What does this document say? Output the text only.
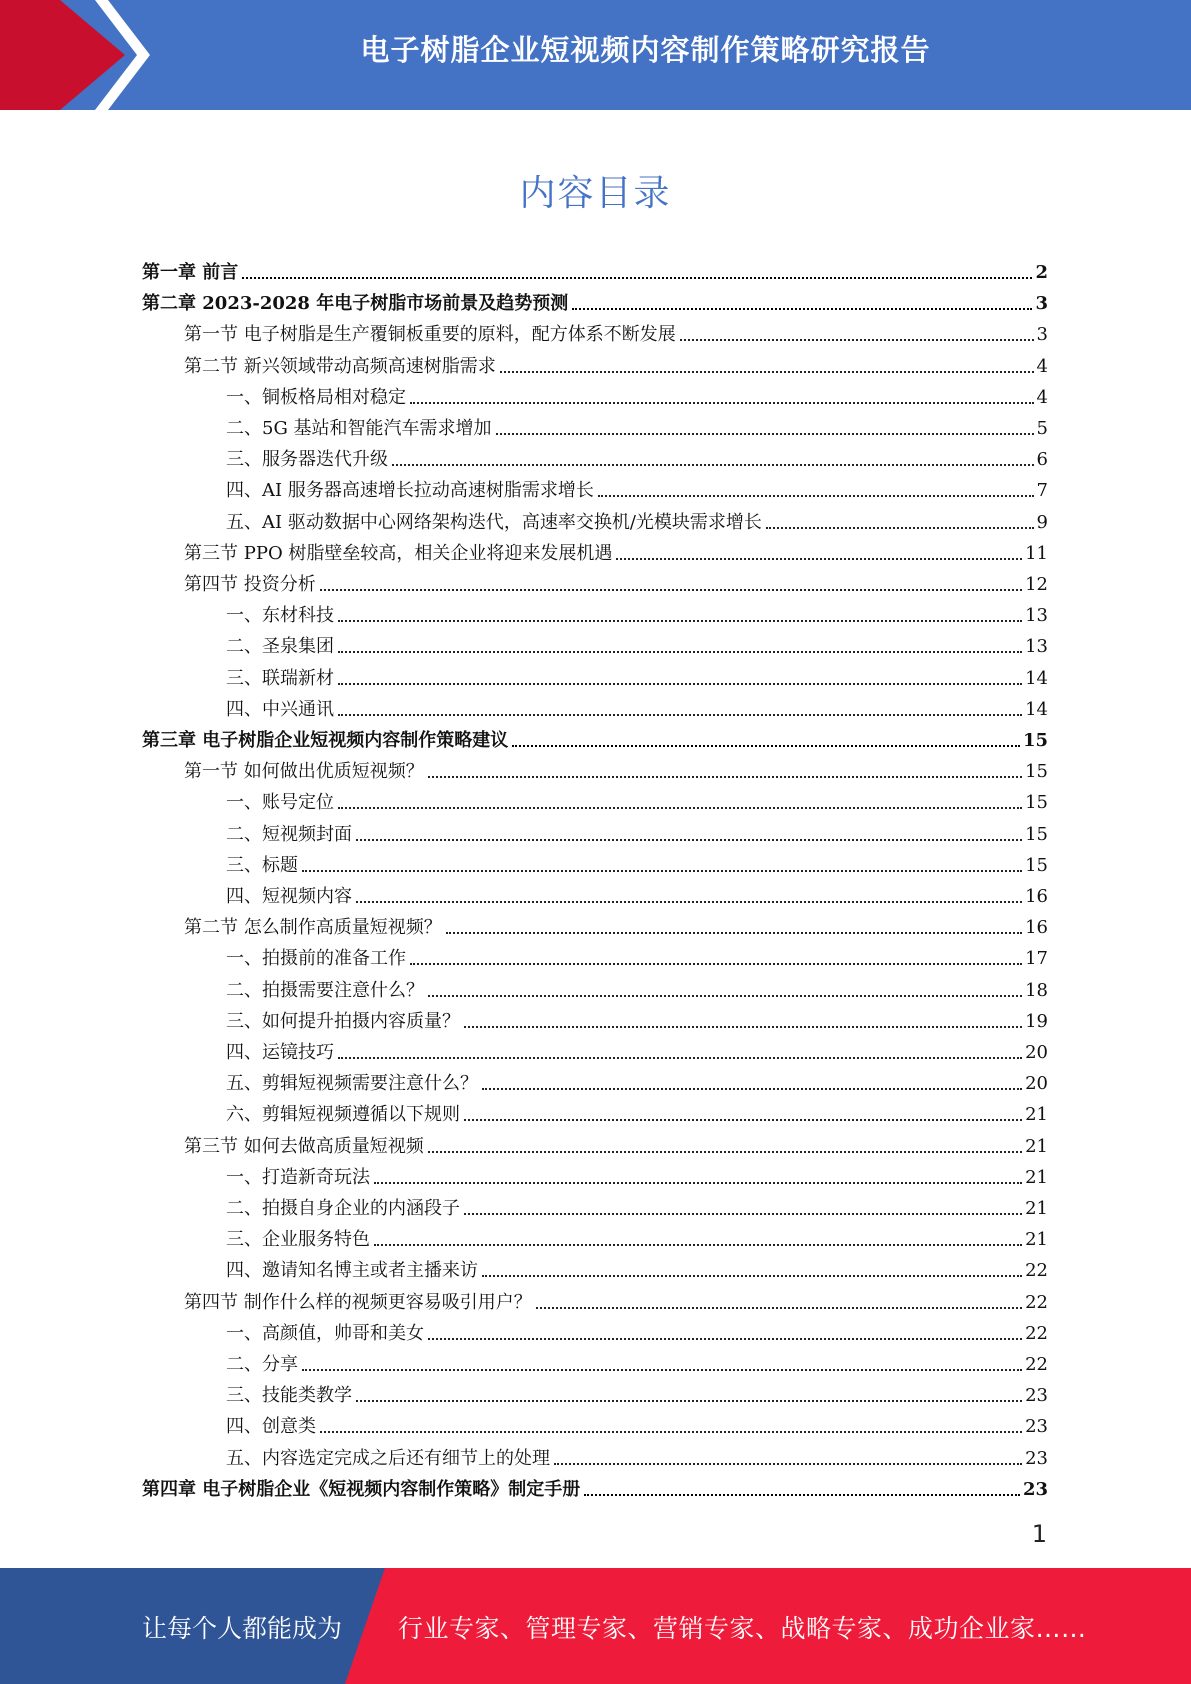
电子树脂企业短视频内容制作策略研究报告
内容目录
第一章 前言	2
第二章 2023-2028 年电子树脂市场前景及趋势预测	3
第一节 电子树脂是生产覆铜板重要的原料，配方体系不断发展	3
第二节 新兴领域带动高频高速树脂需求	4
一、铜板格局相对稳定	4
二、5G 基站和智能汽车需求增加	5
三、服务器迭代升级	6
四、AI 服务器高速增长拉动高速树脂需求增长	7
五、AI 驱动数据中心网络架构迭代，高速率交换机/光模块需求增长	9
第三节 PPO 树脂壁垒较高，相关企业将迎来发展机遇	11
第四节 投资分析	12
一、东材科技	13
二、圣泉集团	13
三、联瑞新材	14
四、中兴通讯	14
第三章 电子树脂企业短视频内容制作策略建议	15
第一节 如何做出优质短视频？	15
一、账号定位	15
二、短视频封面	15
三、标题	15
四、短视频内容	16
第二节 怎么制作高质量短视频？	16
一、拍摄前的准备工作	17
二、拍摄需要注意什么？	18
三、如何提升拍摄内容质量？	19
四、运镜技巧	20
五、剪辑短视频需要注意什么？	20
六、剪辑短视频遵循以下规则	21
第三节 如何去做高质量短视频	21
一、打造新奇玩法	21
二、拍摄自身企业的内涵段子	21
三、企业服务特色	21
四、邀请知名博主或者主播来访	22
第四节 制作什么样的视频更容易吸引用户？	22
一、高颜值，帅哥和美女	22
二、分享	22
三、技能类教学	23
四、创意类	23
五、内容选定完成之后还有细节上的处理	23
第四章 电子树脂企业《短视频内容制作策略》制定手册	23
1
让每个人都能成为 行业专家、管理专家、营销专家、战略专家、成功企业家……
